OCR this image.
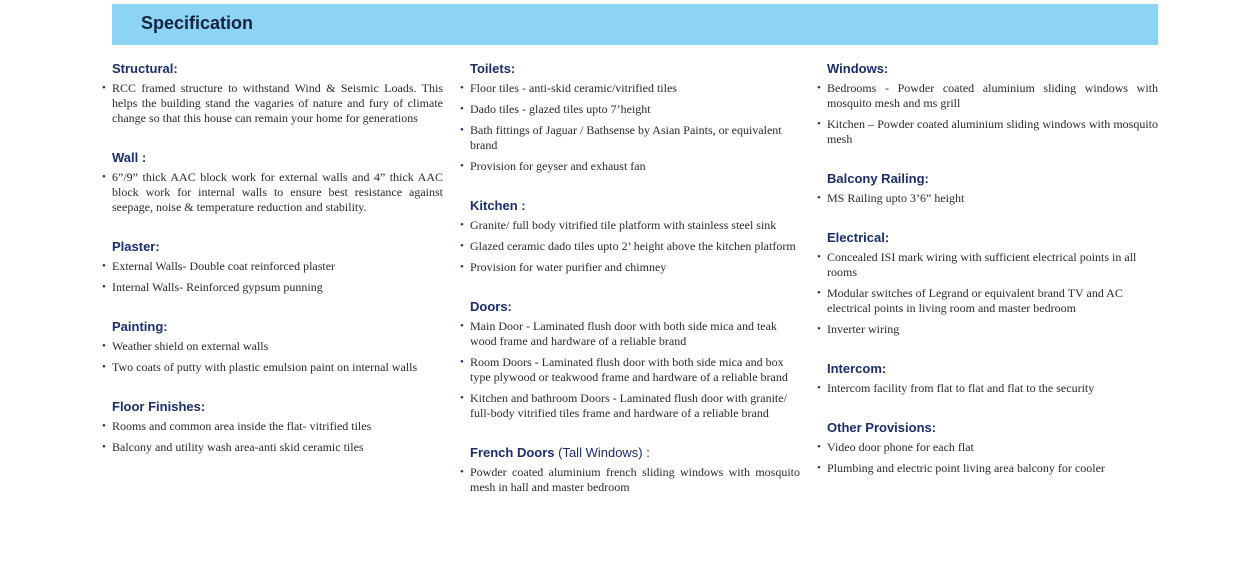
Specification
Structural:
• RCC framed structure to withstand Wind & Seismic Loads. This helps the building stand the vagaries of nature and fury of climate change so that this house can remain your home for generations
Wall :
• 6”/9” thick AAC block work for external walls and 4” thick AAC block work for internal walls to ensure best resistance against seepage, noise & temperature reduction and stability.
Plaster:
• External Walls- Double coat reinforced plaster
• Internal Walls- Reinforced gypsum punning
Painting:
• Weather shield on external walls
• Two coats of putty with plastic emulsion paint on internal walls
Floor Finishes:
• Rooms and common area inside the flat- vitrified tiles
• Balcony and utility wash area-anti skid ceramic tiles
Toilets:
• Floor tiles - anti-skid ceramic/vitrified tiles
• Dado tiles - glazed tiles upto 7’height
• Bath fittings of Jaguar / Bathsense by Asian Paints, or equivalent brand
• Provision for geyser and exhaust fan
Kitchen :
• Granite/ full body vitrified tile platform with stainless steel sink
• Glazed ceramic dado tiles upto 2’ height above the kitchen platform
• Provision for water purifier and chimney
Doors:
• Main Door - Laminated flush door with both side mica and teak wood frame and hardware of a reliable brand
• Room Doors - Laminated flush door with both side mica and box type plywood or teakwood frame and hardware of a reliable brand
• Kitchen and bathroom Doors - Laminated flush door with granite/ full-body vitrified tiles frame and hardware of a reliable brand
French Doors (Tall Windows) :
• Powder coated aluminium french sliding windows with mosquito mesh in hall and master bedroom
Windows:
• Bedrooms - Powder coated aluminium sliding windows with mosquito mesh and ms grill
• Kitchen – Powder coated aluminium sliding windows with mosquito mesh
Balcony Railing:
• MS Railing upto 3’6” height
Electrical:
• Concealed ISI mark wiring with sufficient electrical points in all rooms
• Modular switches of Legrand or equivalent brand TV and AC electrical points in living room and master bedroom
• Inverter wiring
Intercom:
• Intercom facility from flat to flat and flat to the security
Other Provisions:
• Video door phone for each flat
• Plumbing and electric point living area balcony for cooler
